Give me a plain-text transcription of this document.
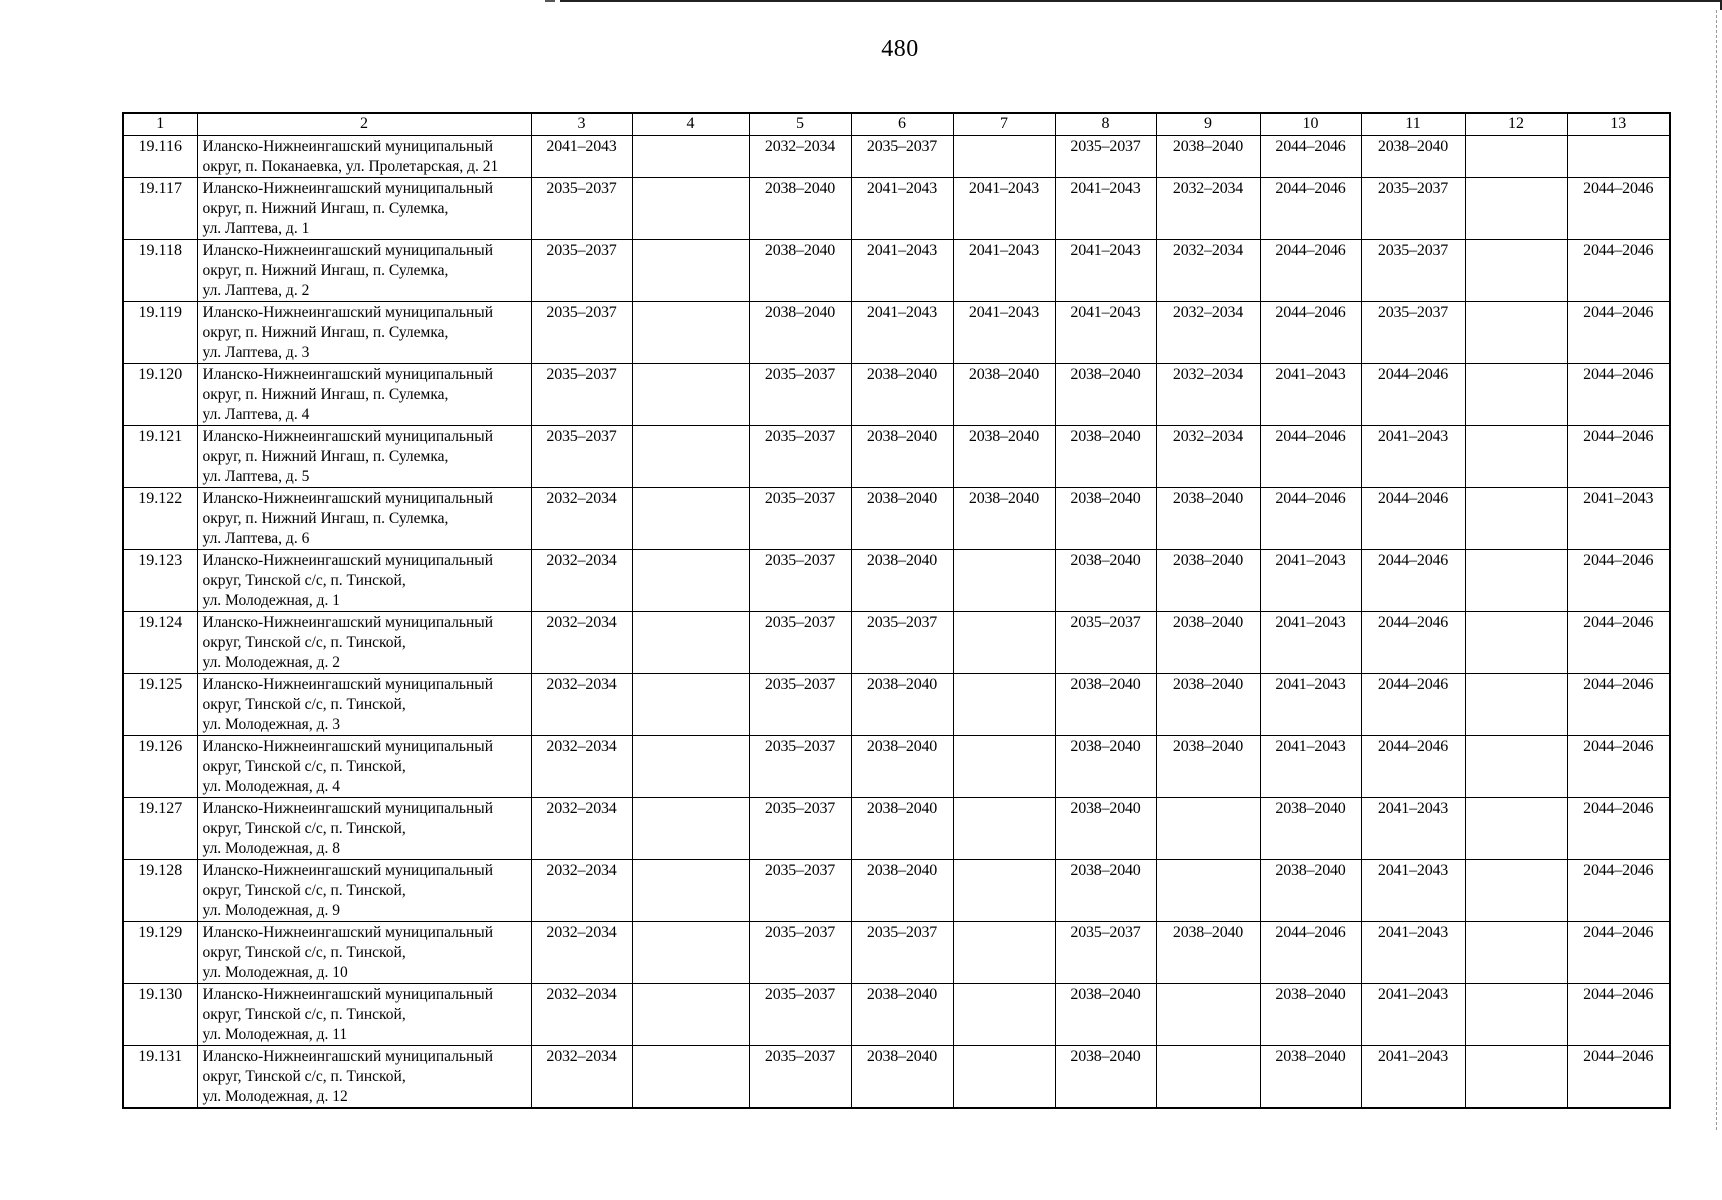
480
1	2	3	4	5	6	7	8	9	10	11	12	13
19.116	Иланско-Нижнеингашский муниципальный
округ, п. Поканаевка, ул. Пролетарская, д. 21	2041–2043		2032–2034	2035–2037		2035–2037	2038–2040	2044–2046	2038–2040		
19.117	Иланско-Нижнеингашский муниципальный
округ, п. Нижний Ингаш, п. Сулемка,
ул. Лаптева, д. 1	2035–2037		2038–2040	2041–2043	2041–2043	2041–2043	2032–2034	2044–2046	2035–2037		2044–2046
19.118	Иланско-Нижнеингашский муниципальный
округ, п. Нижний Ингаш, п. Сулемка,
ул. Лаптева, д. 2	2035–2037		2038–2040	2041–2043	2041–2043	2041–2043	2032–2034	2044–2046	2035–2037		2044–2046
19.119	Иланско-Нижнеингашский муниципальный
округ, п. Нижний Ингаш, п. Сулемка,
ул. Лаптева, д. 3	2035–2037		2038–2040	2041–2043	2041–2043	2041–2043	2032–2034	2044–2046	2035–2037		2044–2046
19.120	Иланско-Нижнеингашский муниципальный
округ, п. Нижний Ингаш, п. Сулемка,
ул. Лаптева, д. 4	2035–2037		2035–2037	2038–2040	2038–2040	2038–2040	2032–2034	2041–2043	2044–2046		2044–2046
19.121	Иланско-Нижнеингашский муниципальный
округ, п. Нижний Ингаш, п. Сулемка,
ул. Лаптева, д. 5	2035–2037		2035–2037	2038–2040	2038–2040	2038–2040	2032–2034	2044–2046	2041–2043		2044–2046
19.122	Иланско-Нижнеингашский муниципальный
округ, п. Нижний Ингаш, п. Сулемка,
ул. Лаптева, д. 6	2032–2034		2035–2037	2038–2040	2038–2040	2038–2040	2038–2040	2044–2046	2044–2046		2041–2043
19.123	Иланско-Нижнеингашский муниципальный
округ, Тинской с/с, п. Тинской,
ул. Молодежная, д. 1	2032–2034		2035–2037	2038–2040		2038–2040	2038–2040	2041–2043	2044–2046		2044–2046
19.124	Иланско-Нижнеингашский муниципальный
округ, Тинской с/с, п. Тинской,
ул. Молодежная, д. 2	2032–2034		2035–2037	2035–2037		2035–2037	2038–2040	2041–2043	2044–2046		2044–2046
19.125	Иланско-Нижнеингашский муниципальный
округ, Тинской с/с, п. Тинской,
ул. Молодежная, д. 3	2032–2034		2035–2037	2038–2040		2038–2040	2038–2040	2041–2043	2044–2046		2044–2046
19.126	Иланско-Нижнеингашский муниципальный
округ, Тинской с/с, п. Тинской,
ул. Молодежная, д. 4	2032–2034		2035–2037	2038–2040		2038–2040	2038–2040	2041–2043	2044–2046		2044–2046
19.127	Иланско-Нижнеингашский муниципальный
округ, Тинской с/с, п. Тинской,
ул. Молодежная, д. 8	2032–2034		2035–2037	2038–2040		2038–2040		2038–2040	2041–2043		2044–2046
19.128	Иланско-Нижнеингашский муниципальный
округ, Тинской с/с, п. Тинской,
ул. Молодежная, д. 9	2032–2034		2035–2037	2038–2040		2038–2040		2038–2040	2041–2043		2044–2046
19.129	Иланско-Нижнеингашский муниципальный
округ, Тинской с/с, п. Тинской,
ул. Молодежная, д. 10	2032–2034		2035–2037	2035–2037		2035–2037	2038–2040	2044–2046	2041–2043		2044–2046
19.130	Иланско-Нижнеингашский муниципальный
округ, Тинской с/с, п. Тинской,
ул. Молодежная, д. 11	2032–2034		2035–2037	2038–2040		2038–2040		2038–2040	2041–2043		2044–2046
19.131	Иланско-Нижнеингашский муниципальный
округ, Тинской с/с, п. Тинской,
ул. Молодежная, д. 12	2032–2034		2035–2037	2038–2040		2038–2040		2038–2040	2041–2043		2044–2046
